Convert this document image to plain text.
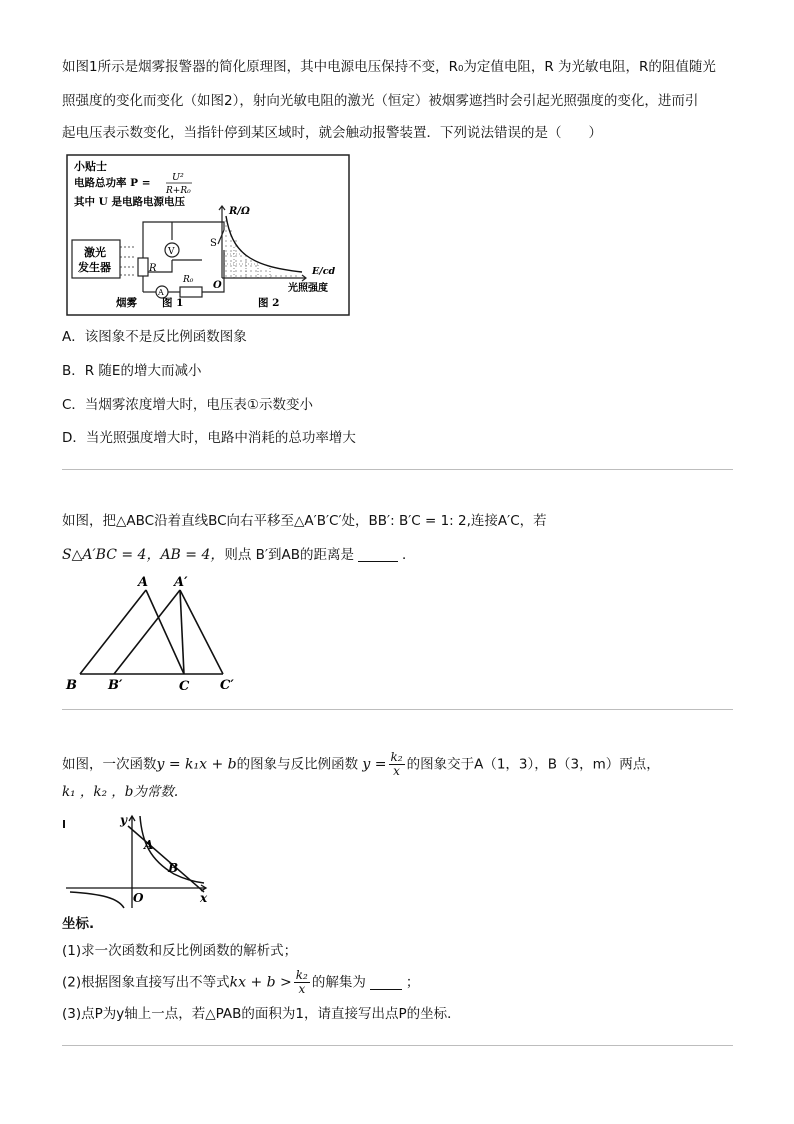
如图1所示是烟雾报警器的简化原理图，其中电源电压保持不变，R₀为定值电阻，R 为光敏电阻，R的阻值随光
照强度的变化而变化（如图2），射向光敏电阻的激光（恒定）被烟雾遮挡时会引起光照强度的变化，进而引
起电压表示数变化，当指针停到某区域时，就会触动报警装置．下列说法错误的是（　　）
小贴士
电路总功率 P = U²
R+R₀
其中 U 是电路电源电压
激光
发生器	R
V
A
R₀
S
烟雾 图 1
R/Ω
E/cd
光照强度
O
图 2
A．该图象不是反比例函数图象
B．R 随E的增大而减小
C．当烟雾浓度增大时，电压表①示数变小
D．当光照强度增大时，电路中消耗的总功率增大
如图，把△ABC沿着直线BC向右平移至△A′B′C′处，BB′: B′C = 1: 2,连接A′C，若
S△A′BC = 4，AB = 4，则点 B′到AB的距离是	．
A A′
B B′	C C′
如图，一次函数y = k₁x + b的图象与反比例函数 $y = \frac{\text{k₂}}{x}$ 的图象交于A（1，3），B（3，m）两点，
k₁ ，k₂ ，b为常数.
y
x
O
A
B
坐标.
(1)求一次函数和反比例函数的解析式；
(2)根据图象直接写出不等式kx + $b > \frac{\text{k₂}}{x}$ 的解集为	；
(3)点P为y轴上一点，若△PAB的面积为1，请直接写出点P的坐标．
